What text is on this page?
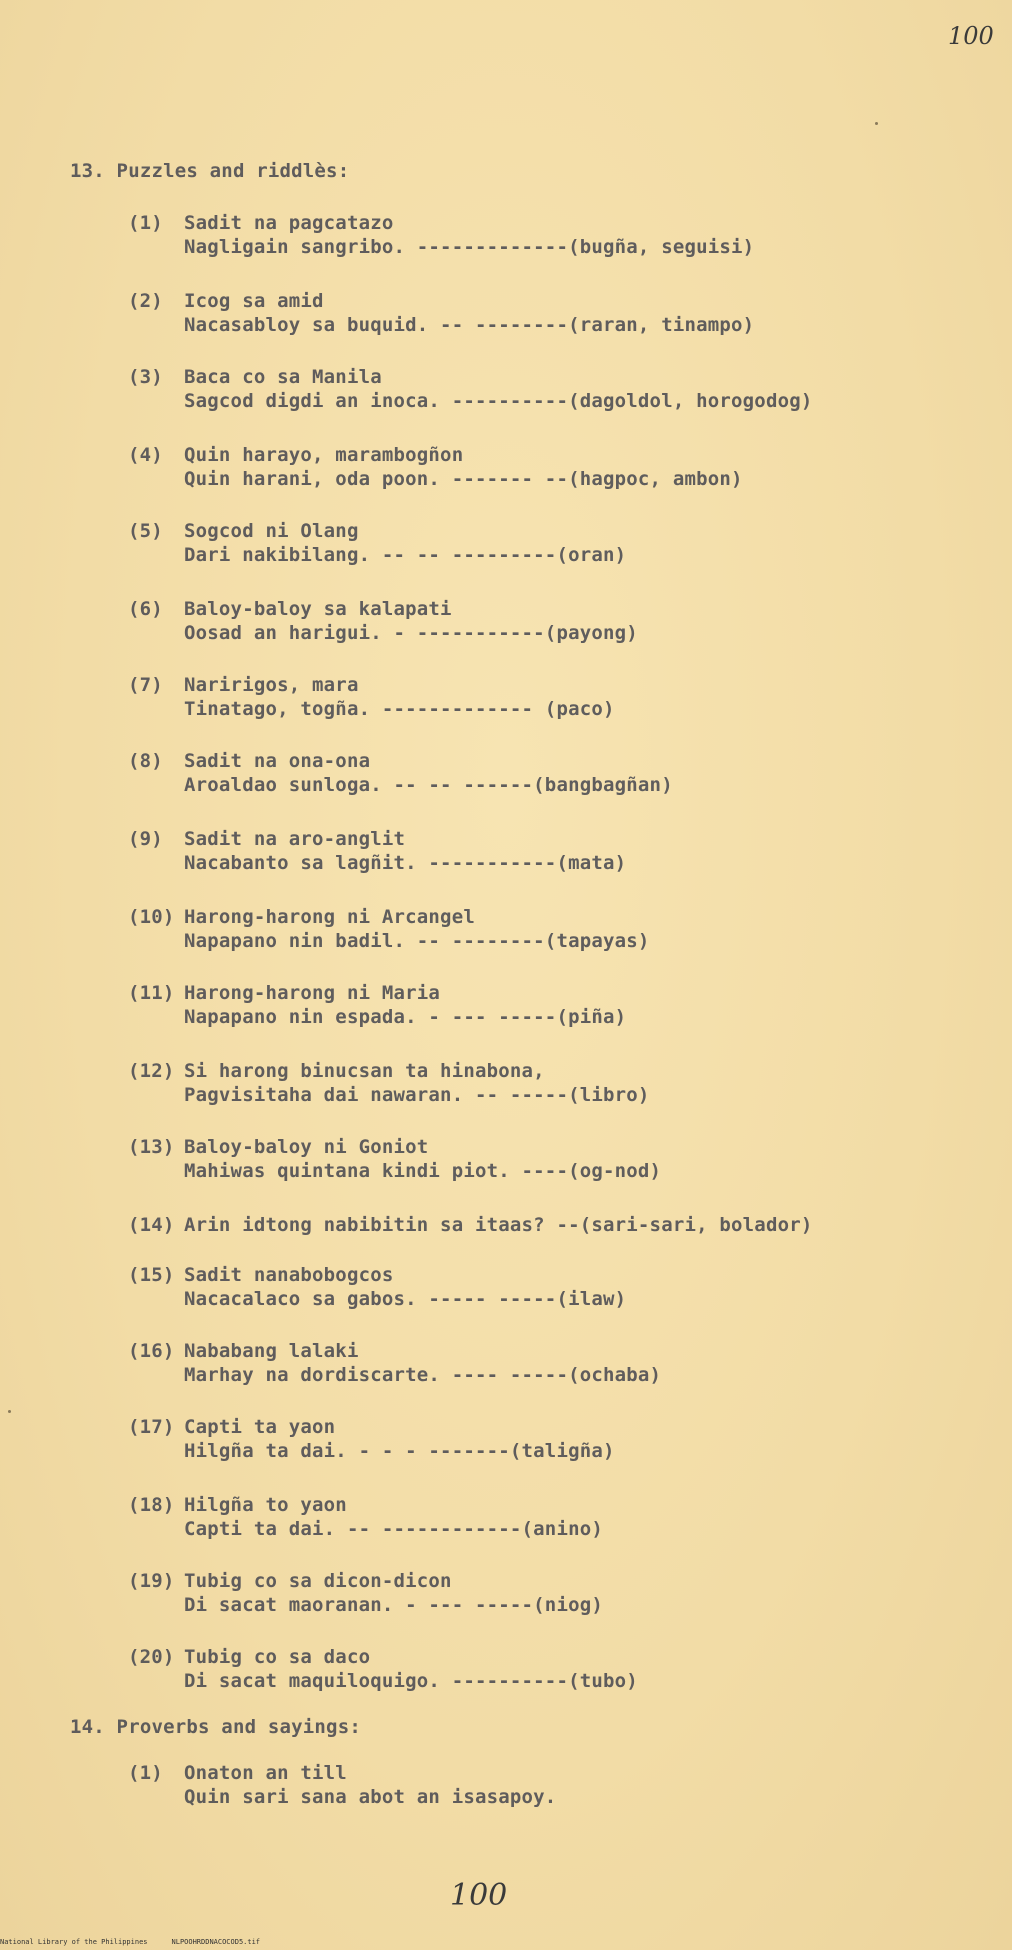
100
13. Puzzles and riddlès:
(1)	Sadit na pagcatazo
Nagligain sangribo. -------------(bugña, seguisi)
(2)	Icog sa amid
Nacasabloy sa buquid. -- --------(raran, tinampo)
(3)	Baca co sa Manila
Sagcod digdi an inoca. ----------(dagoldol, horogodog)
(4)	Quin harayo, marambogñon
Quin harani, oda poon. ------- --(hagpoc, ambon)
(5)	Sogcod ni Olang
Dari nakibilang. -- -- ---------(oran)
(6)	Baloy-baloy sa kalapati
Oosad an harigui. - -----------(payong)
(7)	Naririgos, mara
Tinatago, togña. ------------- (paco)
(8)	Sadit na ona-ona
Aroaldao sunloga. -- -- ------(bangbagñan)
(9)	Sadit na aro-anglit
Nacabanto sa lagñit. -----------(mata)
(10) Harong-harong ni Arcangel
Napapano nin badil. -- --------(tapayas)
(11) Harong-harong ni Maria
Napapano nin espada. - --- -----(piña)
(12) Si harong binucsan ta hinabona,
Pagvisitaha dai nawaran. -- -----(libro)
(13) Baloy-baloy ni Goniot
Mahiwas quintana kindi piot. ----(og-nod)
(14) Arin idtong nabibitin sa itaas? --(sari-sari, bolador)
(15) Sadit nanabobogcos
Nacacalaco sa gabos. ----- -----(ilaw)
(16) Nababang lalaki
Marhay na dordiscarte. ---- -----(ochaba)
(17) Capti ta yaon
Hilgña ta dai. - - - -------(taligña)
(18) Hilgña to yaon
Capti ta dai. -- ------------(anino)
(19) Tubig co sa dicon-dicon
Di sacat maoranan. - --- -----(niog)
(20) Tubig co sa daco
Di sacat maquiloquigo. ----------(tubo)
14. Proverbs and sayings:

(1)

	Onaton an till

Quin sari sana abot an isasapoy.

100
National Library of the Philippines	NLPOOHRDDNACOCOD5.tif
